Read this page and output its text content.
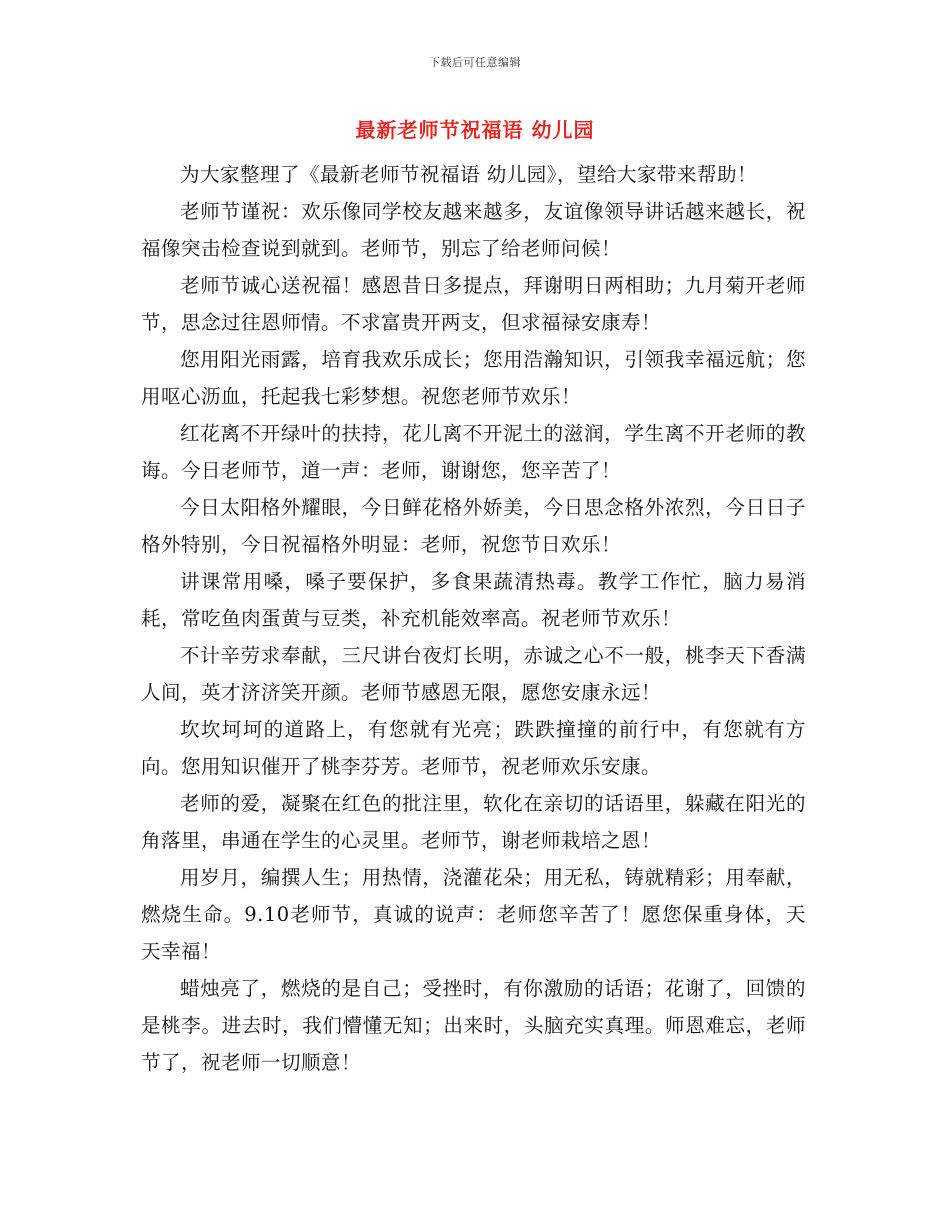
下载后可任意编辑
最新老师节祝福语 幼儿园

为大家整理了《最新老师节祝福语 幼儿园》，望给大家带来帮助！

老师节谨祝：欢乐像同学校友越来越多，友谊像领导讲话越来越长，祝福像突击检查说到就到。老师节，别忘了给老师问候！

老师节诚心送祝福！感恩昔日多提点，拜谢明日两相助；九月菊开老师节，思念过往恩师情。不求富贵开两支，但求福禄安康寿！

您用阳光雨露，培育我欢乐成长；您用浩瀚知识，引领我幸福远航；您用呕心沥血，托起我七彩梦想。祝您老师节欢乐！

红花离不开绿叶的扶持，花儿离不开泥土的滋润，学生离不开老师的教诲。今日老师节，道一声：老师，谢谢您，您辛苦了！

今日太阳格外耀眼，今日鲜花格外娇美，今日思念格外浓烈，今日日子格外特别，今日祝福格外明显：老师，祝您节日欢乐！

讲课常用嗓，嗓子要保护，多食果蔬清热毒。教学工作忙，脑力易消耗，常吃鱼肉蛋黄与豆类，补充机能效率高。祝老师节欢乐！

不计辛劳求奉献，三尺讲台夜灯长明，赤诚之心不一般，桃李天下香满人间，英才济济笑开颜。老师节感恩无限，愿您安康永远！

坎坎坷坷的道路上，有您就有光亮；跌跌撞撞的前行中，有您就有方向。您用知识催开了桃李芬芳。老师节，祝老师欢乐安康。

老师的爱，凝聚在红色的批注里，软化在亲切的话语里，躲藏在阳光的角落里，串通在学生的心灵里。老师节，谢老师栽培之恩！

用岁月，编撰人生；用热情，浇灌花朵；用无私，铸就精彩；用奉献，燃烧生命。9.10老师节，真诚的说声：老师您辛苦了！愿您保重身体，天天幸福！

蜡烛亮了，燃烧的是自己；受挫时，有你激励的话语；花谢了，回馈的是桃李。进去时，我们懵懂无知；出来时，头脑充实真理。师恩难忘，老师节了，祝老师一切顺意！
